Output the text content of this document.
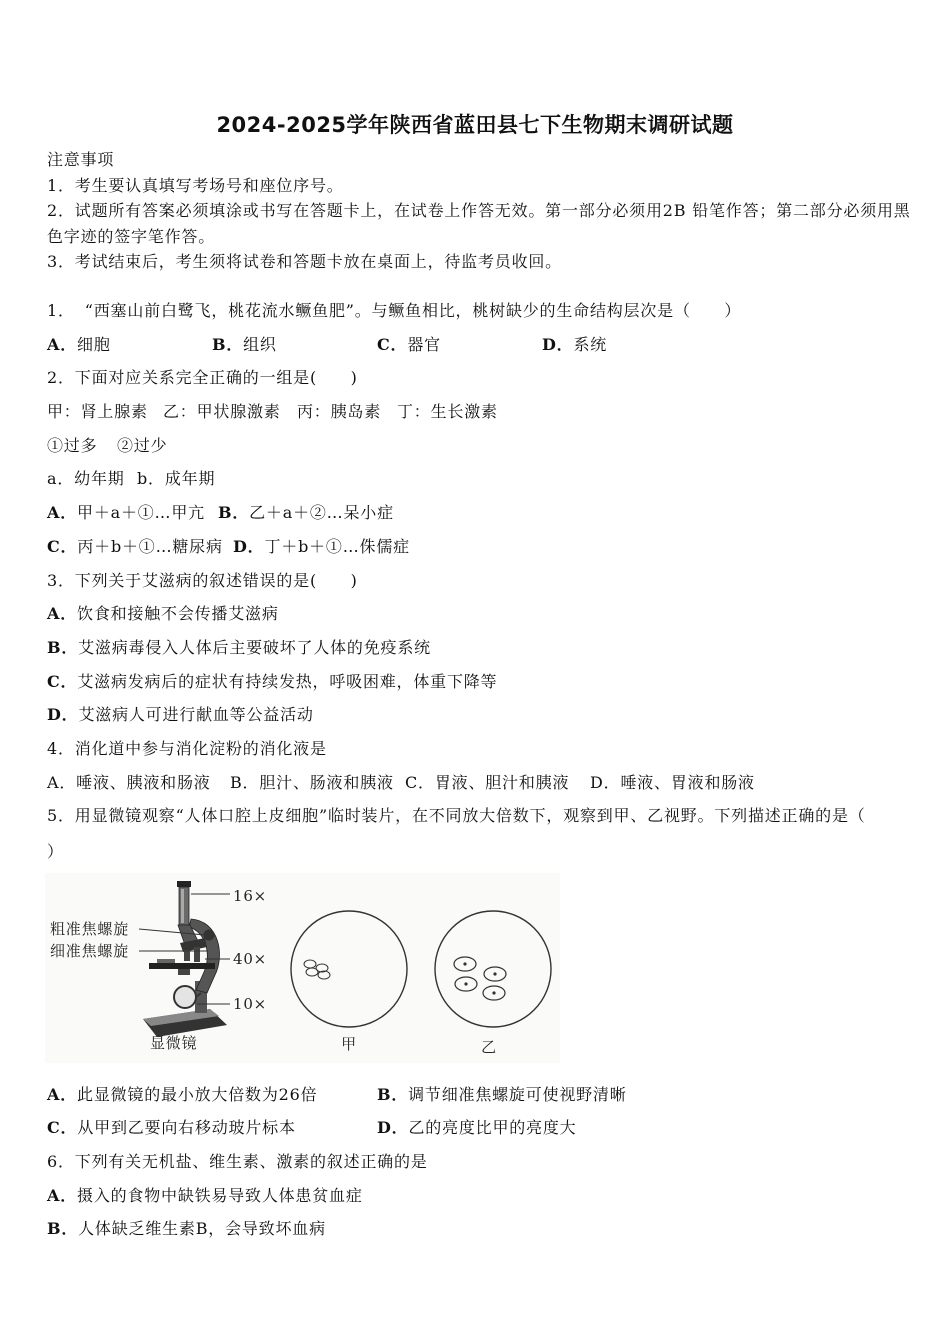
2024-2025学年陕西省蓝田县七下生物期末调研试题
注意事项
1．考生要认真填写考场号和座位序号。
2．试题所有答案必须填涂或书写在答题卡上，在试卷上作答无效。第一部分必须用2B 铅笔作答；第二部分必须用黑色字迹的签字笔作答。
3．考试结束后，考生须将试卷和答题卡放在桌面上，待监考员收回。
1． “西塞山前白鹭飞，桃花流水鳜鱼肥”。与鳜鱼相比，桃树缺少的生命结构层次是（　　）
A．细胞	B．组织	C．器官	D．系统
2．下面对应关系完全正确的一组是(　　)
甲：肾上腺素 乙：甲状腺激素	丙：胰岛素 丁：生长激素
①过多	②过少
a．幼年期 b．成年期
A．甲＋a＋①…甲亢 B．乙＋a＋②…呆小症
C．丙＋b＋①…糖尿病 D．丁＋b＋①…侏儒症
3．下列关于艾滋病的叙述错误的是(　　)
A．饮食和接触不会传播艾滋病
B．艾滋病毒侵入人体后主要破坏了人体的免疫系统
C．艾滋病发病后的症状有持续发热，呼吸困难，体重下降等
D．艾滋病人可进行献血等公益活动
4．消化道中参与消化淀粉的消化液是
A．唾液、胰液和肠液	B．胆汁、肠液和胰液 C．胃液、胆汁和胰液	D．唾液、胃液和肠液
5．用显微镜观察“人体口腔上皮细胞”临时装片，在不同放大倍数下，观察到甲、乙视野。下列描述正确的是（
）
16×
40×
10×
粗准焦螺旋
细准焦螺旋
显微镜	甲	乙
A．此显微镜的最小放大倍数为26倍	B．调节细准焦螺旋可使视野清晰
C．从甲到乙要向右移动玻片标本	D．乙的亮度比甲的亮度大
6．下列有关无机盐、维生素、激素的叙述正确的是
A．摄入的食物中缺铁易导致人体患贫血症
B．人体缺乏维生素B，会导致坏血病
